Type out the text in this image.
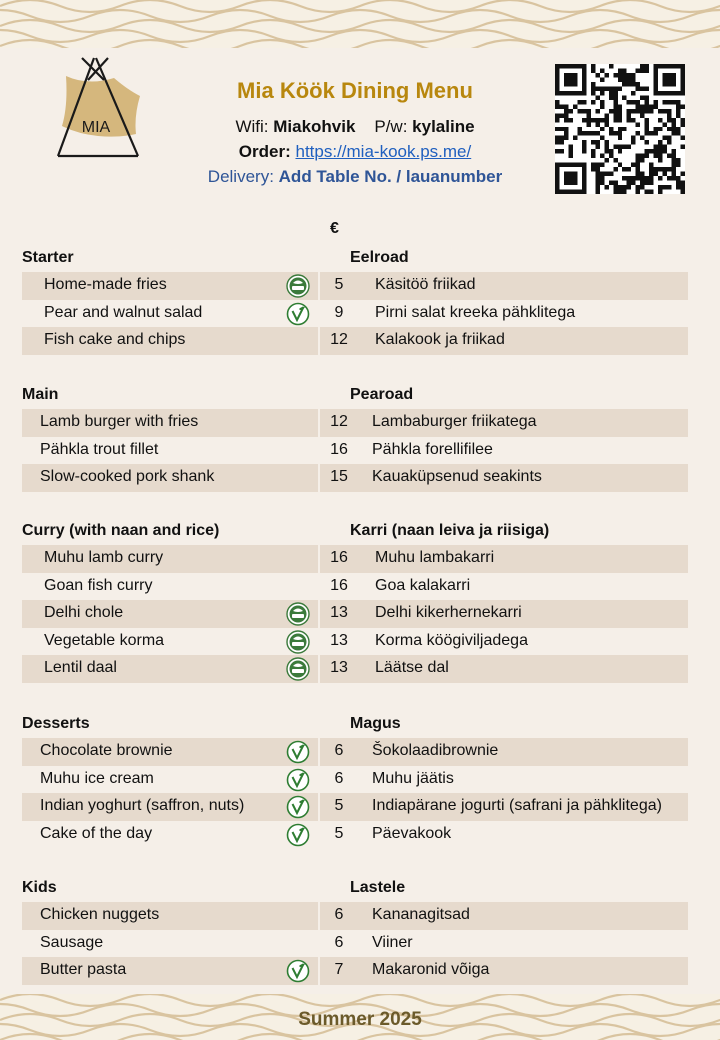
MIA
Mia Köök Dining Menu
Wifi: Miakohvik P/w: kylaline
Order: https://mia-kook.ps.me/
Delivery: Add Table No. / lauanumber
€
Starter	Eelroad
Home-made fries	5	Käsitöö friikad
Pear and walnut salad	9	Pirni salat kreeka pähklitega
Fish cake and chips	12	Kalakook ja friikad
Main	Pearoad
Lamb burger with fries	12	Lambaburger friikatega
Pähkla trout fillet	16	Pähkla forellifilee
Slow-cooked pork shank	15	Kauaküpsenud seakints
Curry (with naan and rice)	Karri (naan leiva ja riisiga)
Muhu lamb curry	16	Muhu lambakarri
Goan fish curry	16	Goa kalakarri
Delhi chole	13	Delhi kikerhernekarri
Vegetable korma	13	Korma köögiviljadega
Lentil daal	13	Läätse dal
Desserts	Magus
Chocolate brownie	6	Šokolaadibrownie
Muhu ice cream	6	Muhu jäätis
Indian yoghurt (saffron, nuts)	5	Indiapärane jogurti (safrani ja pähklitega)
Cake of the day	5	Päevakook
Kids	Lastele
Chicken nuggets	6	Kananagitsad
Sausage	6	Viiner
Butter pasta	7	Makaronid võiga
Summer 2025
